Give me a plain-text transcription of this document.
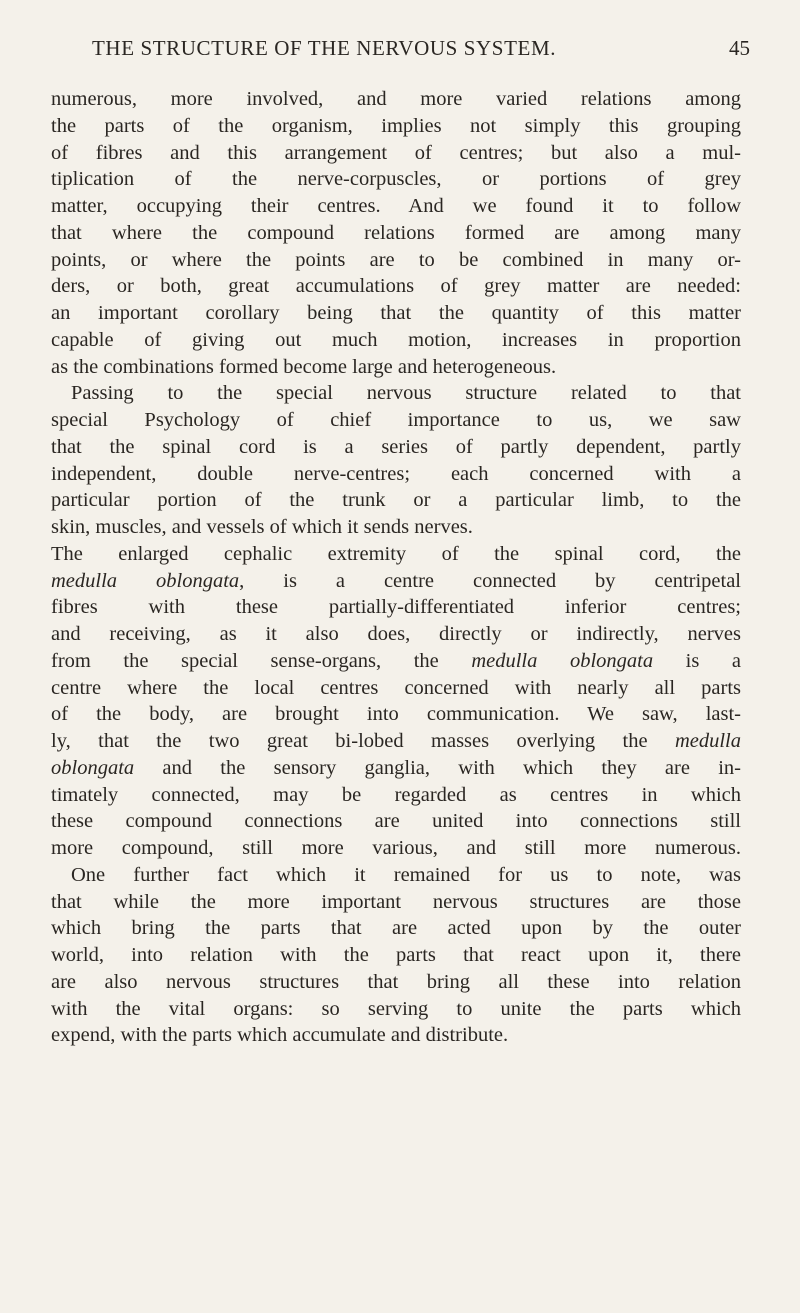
THE STRUCTURE OF THE NERVOUS SYSTEM.	45
numerous, more involved, and more varied relations among
the parts of the organism, implies not simply this grouping
of fibres and this arrangement of centres; but also a mul-
tiplication of the nerve-corpuscles, or portions of grey
matter, occupying their centres. And we found it to follow
that where the compound relations formed are among many
points, or where the points are to be combined in many or-
ders, or both, great accumulations of grey matter are needed:
an important corollary being that the quantity of this matter
capable of giving out much motion, increases in proportion
as the combinations formed become large and heterogeneous.
Passing to the special nervous structure related to that
special Psychology of chief importance to us, we saw
that the spinal cord is a series of partly dependent, partly
independent, double nerve-centres; each concerned with a
particular portion of the trunk or a particular limb, to the
skin, muscles, and vessels of which it sends nerves.
The enlarged cephalic extremity of the spinal cord, the
medulla oblongata, is a centre connected by centripetal
fibres with these partially-differentiated inferior centres;
and receiving, as it also does, directly or indirectly, nerves
from the special sense-organs, the medulla oblongata is a
centre where the local centres concerned with nearly all parts
of the body, are brought into communication. We saw, last-
ly, that the two great bi-lobed masses overlying the medulla
oblongata and the sensory ganglia, with which they are in-
timately connected, may be regarded as centres in which
these compound connections are united into connections still
more compound, still more various, and still more numerous.
One further fact which it remained for us to note, was
that while the more important nervous structures are those
which bring the parts that are acted upon by the outer
world, into relation with the parts that react upon it, there
are also nervous structures that bring all these into relation
with the vital organs: so serving to unite the parts which
expend, with the parts which accumulate and distribute.
